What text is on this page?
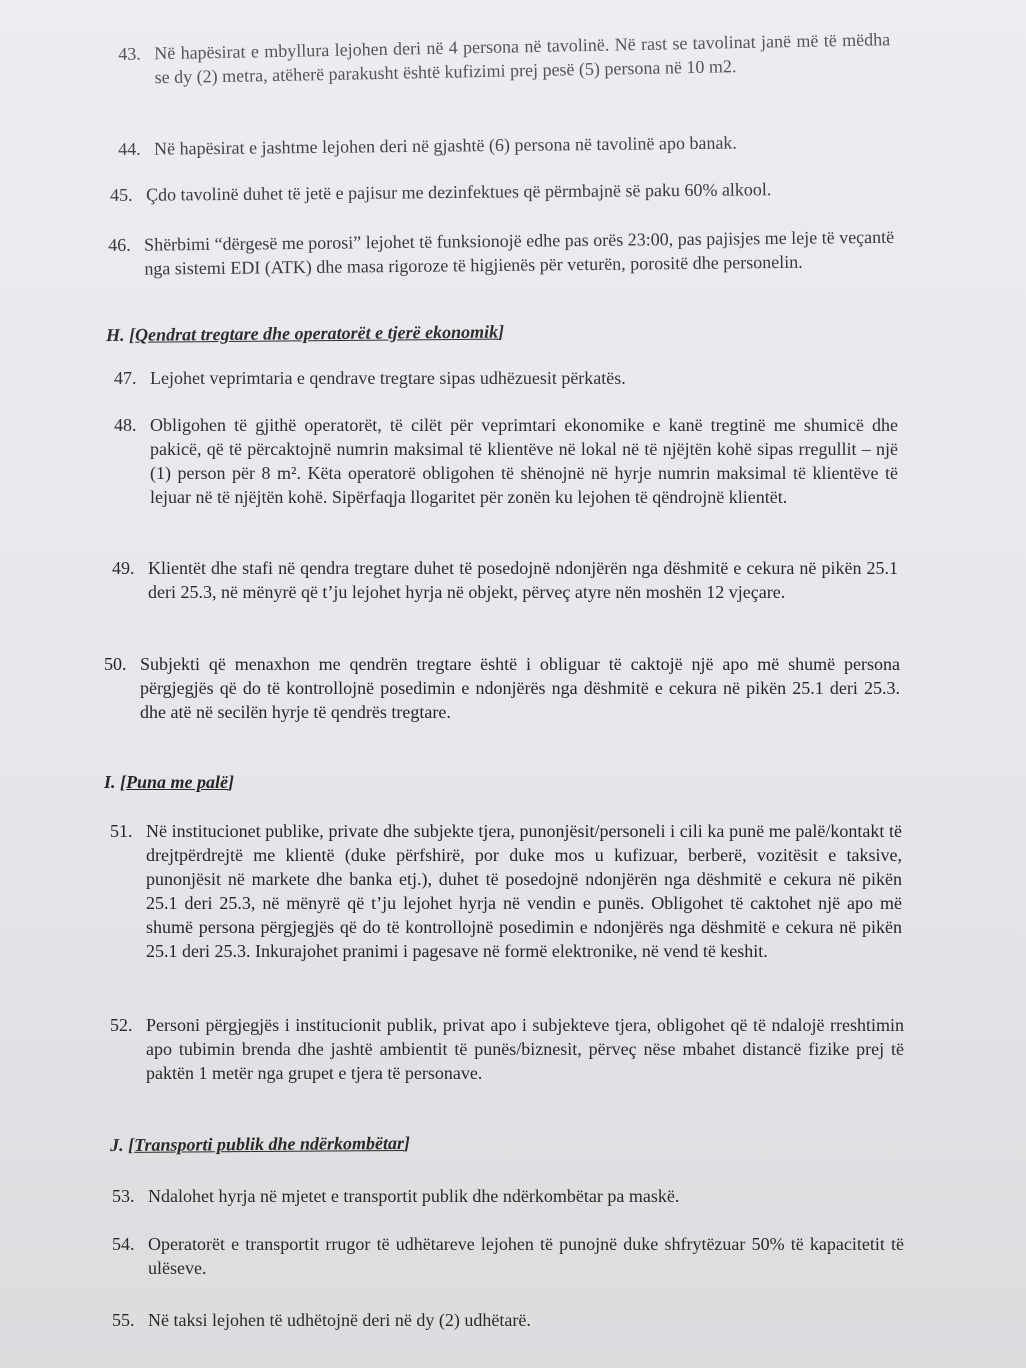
43. Në hapësirat e mbyllura lejohen deri në 4 persona në tavolinë. Në rast se tavolinat janë më të mëdha se dy (2) metra, atëherë parakusht është kufizimi prej pesë (5) persona në 10 m2.
44. Në hapësirat e jashtme lejohen deri në gjashtë (6) persona në tavolinë apo banak.
45. Çdo tavolinë duhet të jetë e pajisur me dezinfektues që përmbajnë së paku 60% alkool.
46. Shërbimi “dërgesë me porosi” lejohet të funksionojë edhe pas orës 23:00, pas pajisjes me leje të veçantë nga sistemi EDI (ATK) dhe masa rigoroze të higjienës për veturën, porositë dhe personelin.
H. [Qendrat tregtare dhe operatorët e tjerë ekonomik]
47. Lejohet veprimtaria e qendrave tregtare sipas udhëzuesit përkatës.
48. Obligohen të gjithë operatorët, të cilët për veprimtari ekonomike e kanë tregtinë me shumicë dhe pakicë, që të përcaktojnë numrin maksimal të klientëve në lokal në të njëjtën kohë sipas rregullit – një (1) person për 8 m². Këta operatorë obligohen të shënojnë në hyrje numrin maksimal të klientëve të lejuar në të njëjtën kohë. Sipërfaqja llogaritet për zonën ku lejohen të qëndrojnë klientët.
49. Klientët dhe stafi në qendra tregtare duhet të posedojnë ndonjërën nga dëshmitë e cekura në pikën 25.1 deri 25.3, në mënyrë që t’ju lejohet hyrja në objekt, përveç atyre nën moshën 12 vjeçare.
50. Subjekti që menaxhon me qendrën tregtare është i obliguar të caktojë një apo më shumë persona përgjegjës që do të kontrollojnë posedimin e ndonjërës nga dëshmitë e cekura në pikën 25.1 deri 25.3. dhe atë në secilën hyrje të qendrës tregtare.
I. [Puna me palë]
51. Në institucionet publike, private dhe subjekte tjera, punonjësit/personeli i cili ka punë me palë/kontakt të drejtpërdrejtë me klientë (duke përfshirë, por duke mos u kufizuar, berberë, vozitësit e taksive, punonjësit në markete dhe banka etj.), duhet të posedojnë ndonjërën nga dëshmitë e cekura në pikën 25.1 deri 25.3, në mënyrë që t’ju lejohet hyrja në vendin e punës. Obligohet të caktohet një apo më shumë persona përgjegjës që do të kontrollojnë posedimin e ndonjërës nga dëshmitë e cekura në pikën 25.1 deri 25.3. Inkurajohet pranimi i pagesave në formë elektronike, në vend të keshit.
52. Personi përgjegjës i institucionit publik, privat apo i subjekteve tjera, obligohet që të ndalojë rreshtimin apo tubimin brenda dhe jashtë ambientit të punës/biznesit, përveç nëse mbahet distancë fizike prej të paktën 1 metër nga grupet e tjera të personave.
J. [Transporti publik dhe ndërkombëtar]
53. Ndalohet hyrja në mjetet e transportit publik dhe ndërkombëtar pa maskë.
54. Operatorët e transportit rrugor të udhëtareve lejohen të punojnë duke shfrytëzuar 50% të kapacitetit të ulëseve.
55. Në taksi lejohen të udhëtojnë deri në dy (2) udhëtarë.
